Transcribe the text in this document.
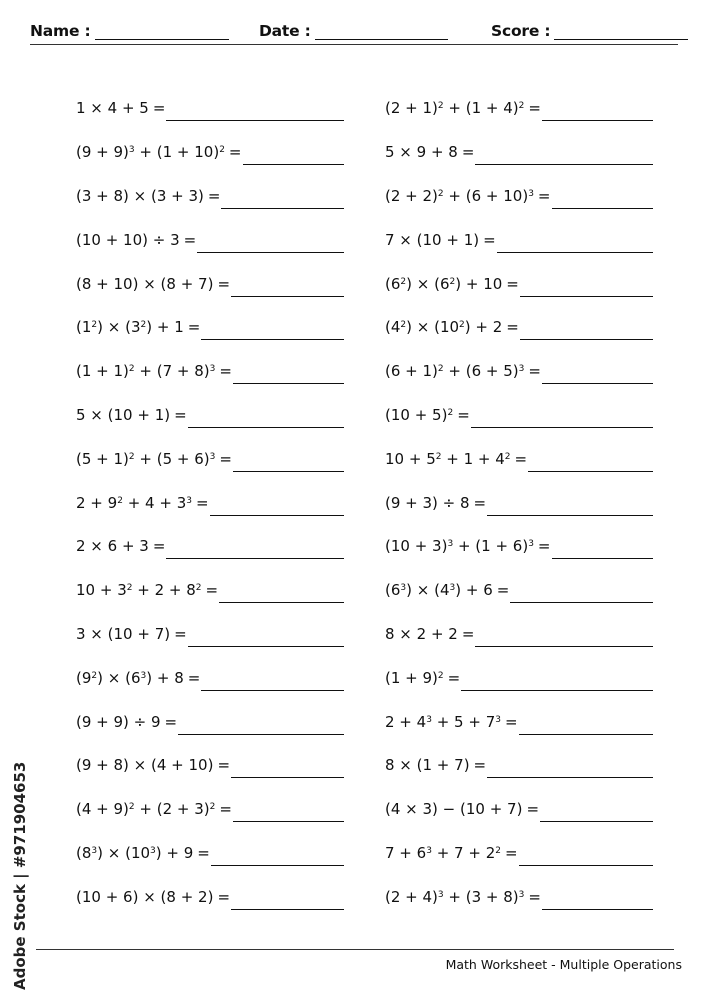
Name :	Date :	Score :
1 × 4 + 5 =
$(9 + 9)^3 + (1 + 10)^2$ =
(3 + 8) × (3 + 3) =
(10 + 10) ÷ 3 =
(8 + 10) × (8 + 7) =
$(1^2) \times (3^2) + 1$ =
$(1 + 1)^2 + (7 + 8)^3$ =
5 × (10 + 1) =
$(5 + 1)^2 + (5 + 6)^3$ =
$2 + 9^2 + 4 + 3^3$ =
2 × 6 + 3 =
$10 + 3^2 + 2 + 8^2$ =
3 × (10 + 7) =
$(9^2) \times (6^3) + 8$ =
(9 + 9) ÷ 9 =
(9 + 8) × (4 + 10) =
$(4 + 9)^2 + (2 + 3)^2$ =
$(8^3) \times (10^3) + 9$ =
(10 + 6) × (8 + 2) =
$(2 + 1)^2 + (1 + 4)^2$ =
5 × 9 + 8 =
$(2 + 2)^2 + (6 + 10)^3$ =
7 × (10 + 1) =
$(6^2) \times (6^2) + 10$ =
$(4^2) \times (10^2) + 2$ =
$(6 + 1)^2 + (6 + 5)^3$ =
$(10 + 5)^2$ =
$10 + 5^2 + 1 + 4^2$ =
(9 + 3) ÷ 8 =
$(10 + 3)^3 + (1 + 6)^3$ =
$(6^3) \times (4^3) + 6$ =
8 × 2 + 2 =
$(1 + 9)^2$ =
$2 + 4^3 + 5 + 7^3$ =
8 × (1 + 7) =
(4 × 3) − (10 + 7) =
$7 + 6^3 + 7 + 2^2$ =
$(2 + 4)^3 + (3 + 8)^3$ =
Math Worksheet - Multiple Operations
Adobe Stock | #971904653
